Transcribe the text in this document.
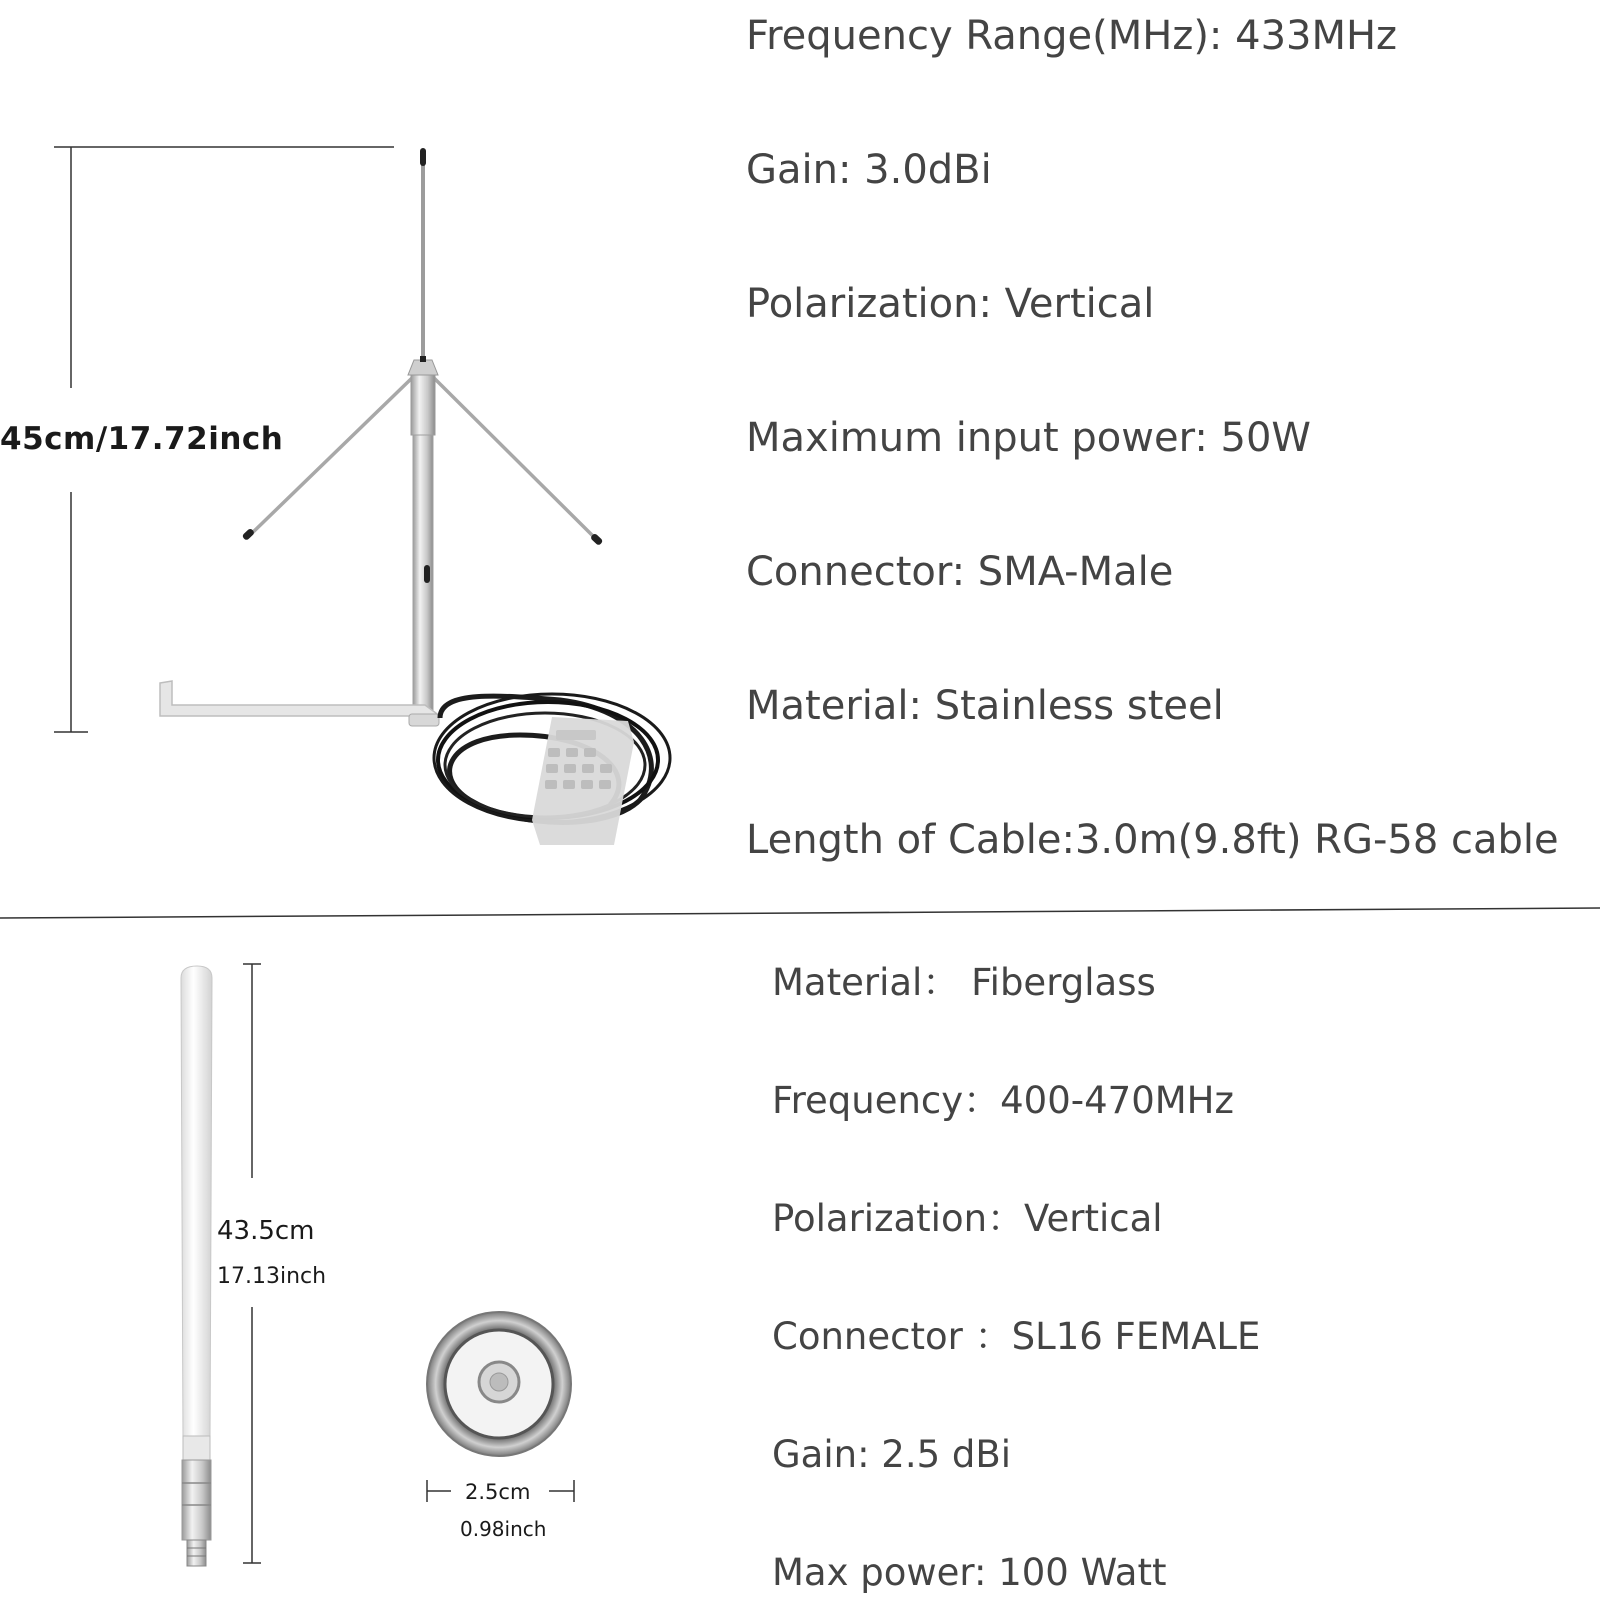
45cm/17.72inch
Frequency Range(MHz): 433MHz
Gain: 3.0dBi
Polarization: Vertical
Maximum input power: 50W
Connector: SMA-Male
Material: Stainless steel
Length of Cable:3.0m(9.8ft) RG-58 cable
43.5cm
17.13inch
2.5cm
0.98inch
Material： Fiberglass
Frequency：400-470MHz
Polarization：Vertical
Connector ：SL16 FEMALE
Gain: 2.5 dBi
Max power: 100 Watt
